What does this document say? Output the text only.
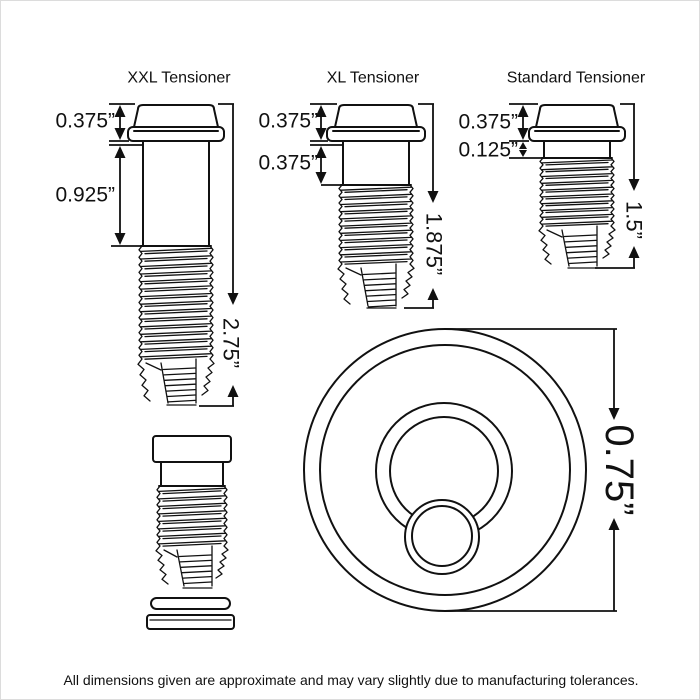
XXL Tensioner
0.375”
0.925”
2.75”
XL Tensioner
0.375”
0.375”
1.875”
Standard Tensioner
0.375”
0.125”
1.5”
0.75”
All dimensions given are approximate and may vary slightly due to manufacturing tolerances.
